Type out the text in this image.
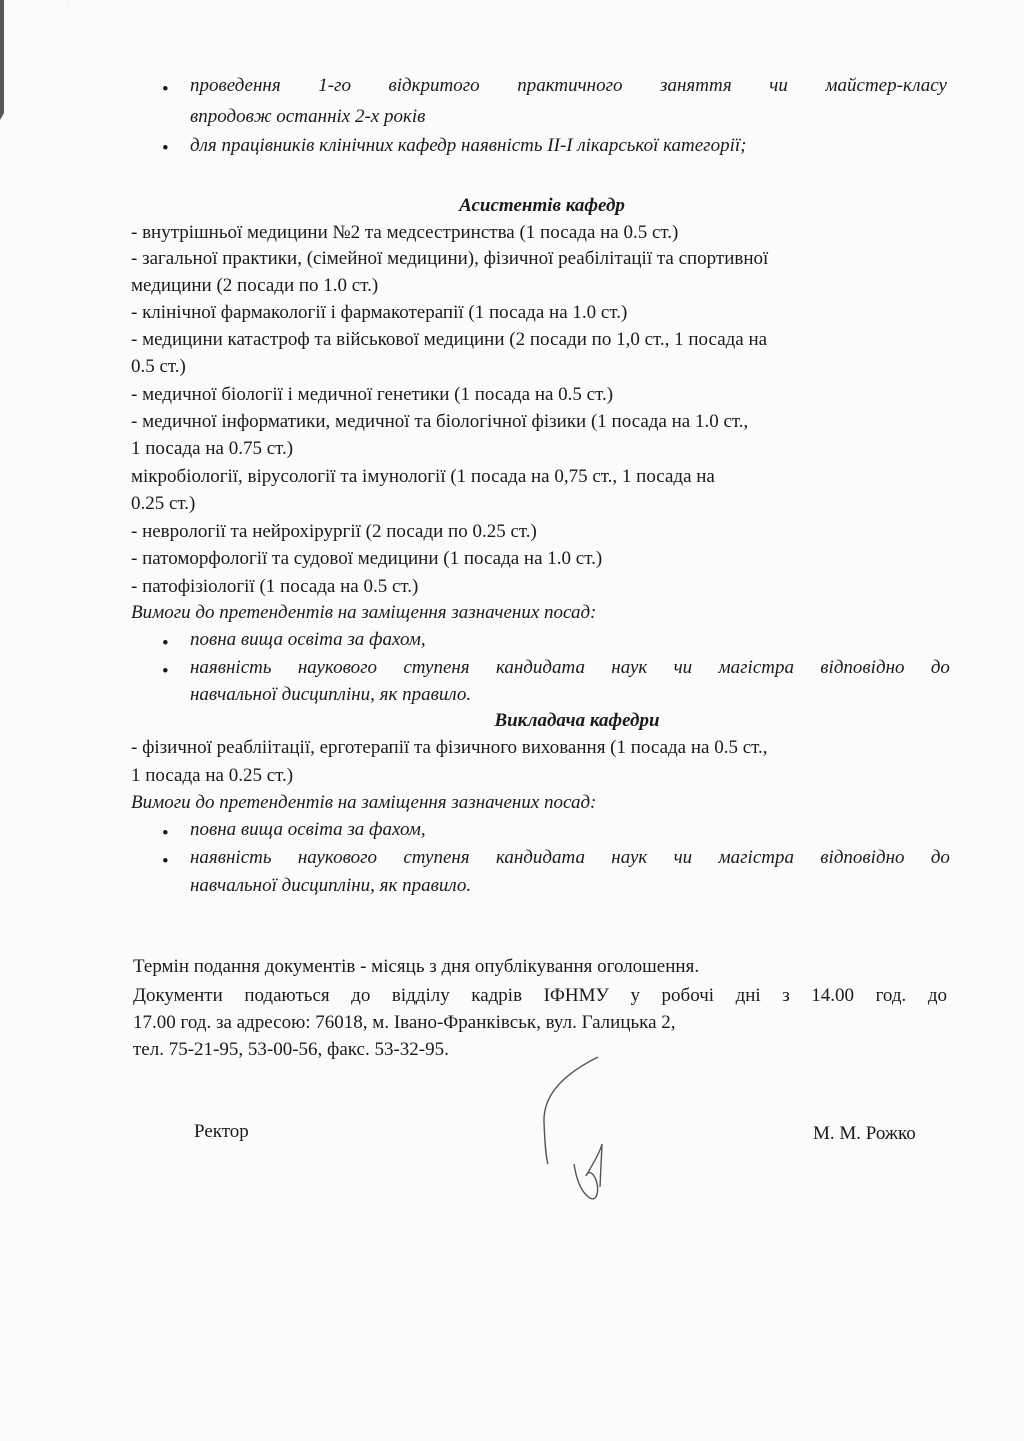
• проведення 1-го відкритого практичного заняття чи майстер-класу
впродовж останніх 2-х років
• для працівників клінічних кафедр наявність ІІ-І лікарської категорії;
Асистентів кафедр
- внутрішньої медицини №2 та медсестринства (1 посада на 0.5 ст.)
- загальної практики, (сімейної медицини), фізичної реабілітації та спортивної
медицини (2 посади по 1.0 ст.)
- клінічної фармакології і фармакотерапії (1 посада на 1.0 ст.)
- медицини катастроф та військової медицини (2 посади по 1,0 ст., 1 посада на
0.5 ст.)
- медичної біології і медичної генетики (1 посада на 0.5 ст.)
- медичної інформатики, медичної та біологічної фізики (1 посада на 1.0 ст.,
1 посада на 0.75 ст.)
мікробіології, вірусології та імунології (1 посада на 0,75 ст., 1 посада на
0.25 ст.)
- неврології та нейрохірургії (2 посади по 0.25 ст.)
- патоморфології та судової медицини (1 посада на 1.0 ст.)
- патофізіології (1 посада на 0.5 ст.)
Вимоги до претендентів на заміщення зазначених посад:
• повна вища освіта за фахом,
• наявність наукового ступеня кандидата наук чи магістра відповідно до
навчальної дисципліни, як правило.
Викладача кафедри
- фізичної реабліітації, ерготерапії та фізичного виховання (1 посада на 0.5 ст.,
1 посада на 0.25 ст.)
Вимоги до претендентів на заміщення зазначених посад:
• повна вища освіта за фахом,
• наявність наукового ступеня кандидата наук чи магістра відповідно до
навчальної дисципліни, як правило.
Термін подання документів - місяць з дня опублікування оголошення.
Документи подаються до відділу кадрів ІФНМУ у робочі дні з 14.00 год. до
17.00 год. за адресою: 76018, м. Івано-Франківськ, вул. Галицька 2,
тел. 75-21-95, 53-00-56, факс. 53-32-95.
Ректор	М. М. Рожко
